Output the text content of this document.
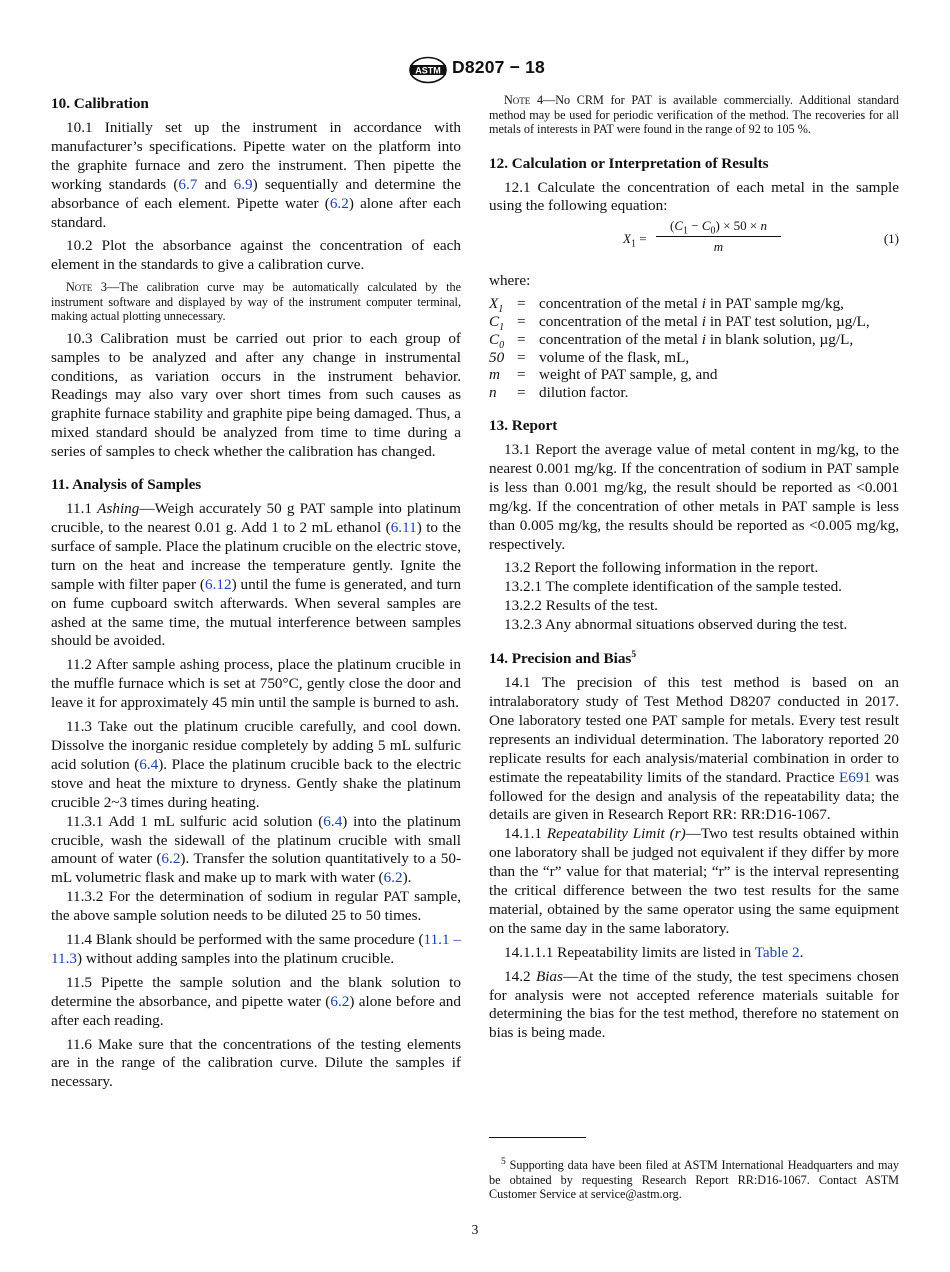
ASTM D8207 − 18
10. Calibration

10.1 Initially set up the instrument in accordance with manufacturer’s specifications. Pipette water on the platform into the graphite furnace and zero the instrument. Then pipette the working standards (6.7 and 6.9) sequentially and determine the absorbance of each element. Pipette water (6.2) alone after each standard.

10.2 Plot the absorbance against the concentration of each element in the standards to give a calibration curve.

Note 3—The calibration curve may be automatically calculated by the instrument software and displayed by way of the instrument computer terminal, making actual plotting unnecessary.

10.3 Calibration must be carried out prior to each group of samples to be analyzed and after any change in instrumental conditions, as variation occurs in the instrument behavior. Readings may also vary over short times from such causes as graphite furnace stability and graphite pipe being damaged. Thus, a mixed standard should be analyzed from time to time during a series of samples to check whether the calibration has changed.

11. Analysis of Samples

11.1 Ashing—Weigh accurately 50 g PAT sample into platinum crucible, to the nearest 0.01 g. Add 1 to 2 mL ethanol (6.11) to the surface of sample. Place the platinum crucible on the electric stove, turn on the heat and increase the temperature gently. Ignite the sample with filter paper (6.12) until the fume is generated, and turn on fume cupboard switch afterwards. When several samples are ashed at the same time, the mutual interference between samples should be avoided.

11.2 After sample ashing process, place the platinum crucible in the muffle furnace which is set at 750°C, gently close the door and leave it for approximately 45 min until the sample is burned to ash.

11.3 Take out the platinum crucible carefully, and cool down. Dissolve the inorganic residue completely by adding 5 mL sulfuric acid solution (6.4). Place the platinum crucible back to the electric stove and heat the mixture to dryness. Gently shake the platinum crucible 2~3 times during heating.

11.3.1 Add 1 mL sulfuric acid solution (6.4) into the platinum crucible, wash the sidewall of the platinum crucible with small amount of water (6.2). Transfer the solution quantitatively to a 50-mL volumetric flask and make up to mark with water (6.2).

11.3.2 For the determination of sodium in regular PAT sample, the above sample solution needs to be diluted 25 to 50 times.

11.4 Blank should be performed with the same procedure (11.1 – 11.3) without adding samples into the platinum crucible.

11.5 Pipette the sample solution and the blank solution to determine the absorbance, and pipette water (6.2) alone before and after each reading.

11.6 Make sure that the concentrations of the testing elements are in the range of the calibration curve. Dilute the samples if necessary.

Note 4—No CRM for PAT is available commercially. Additional standard method may be used for periodic verification of the method. The recoveries for all metals of interests in PAT were found in the range of 92 to 105 %.

12. Calculation or Interpretation of Results

12.1 Calculate the concentration of each metal in the sample using the following equation:

$X_1$ =
$(C_1 - C_0) \times 50 \times n$
m
(1)
where:
$X_1$ = concentration of the metal i in PAT sample mg/kg,
$C_1$ = concentration of the metal i in PAT test solution, µg/L,
$C_0$ = concentration of the metal i in blank solution, µg/L,
50 = volume of the flask, mL,
m	= weight of PAT sample, g, and
n	= dilution factor.
13. Report

13.1 Report the average value of metal content in mg/kg, to the nearest 0.001 mg/kg. If the concentration of sodium in PAT sample is less than 0.001 mg/kg, the result should be reported as <0.001 mg/kg. If the concentration of other metals in PAT sample is less than 0.005 mg/kg, the results should be reported as <0.005 mg/kg, respectively.

13.2 Report the following information in the report.

13.2.1 The complete identification of the sample tested.

13.2.2 Results of the test.

13.2.3 Any abnormal situations observed during the test.

14. Precision and Bias$^5$

14.1 The precision of this test method is based on an intralaboratory study of Test Method D8207 conducted in 2017. One laboratory tested one PAT sample for metals. Every test result represents an individual determination. The laboratory reported 20 replicate results for each analysis/material combination in order to estimate the repeatability limits of the standard. Practice E691 was followed for the design and analysis of the repeatability data; the details are given in Research Report RR: RR:D16-1067.

14.1.1 Repeatability Limit (r)—Two test results obtained within one laboratory shall be judged not equivalent if they differ by more than the “r” value for that material; “r” is the interval representing the critical difference between the two test results for the same material, obtained by the same operator using the same equipment on the same day in the same laboratory.

14.1.1.1 Repeatability limits are listed in Table 2.

14.2 Bias—At the time of the study, the test specimens chosen for analysis were not accepted reference materials suitable for determining the bias for the test method, therefore no statement on bias is being made.

$^5$ Supporting data have been filed at ASTM International Headquarters and may be obtained by requesting Research Report RR:D16-1067. Contact ASTM Customer Service at service@astm.org.

3
